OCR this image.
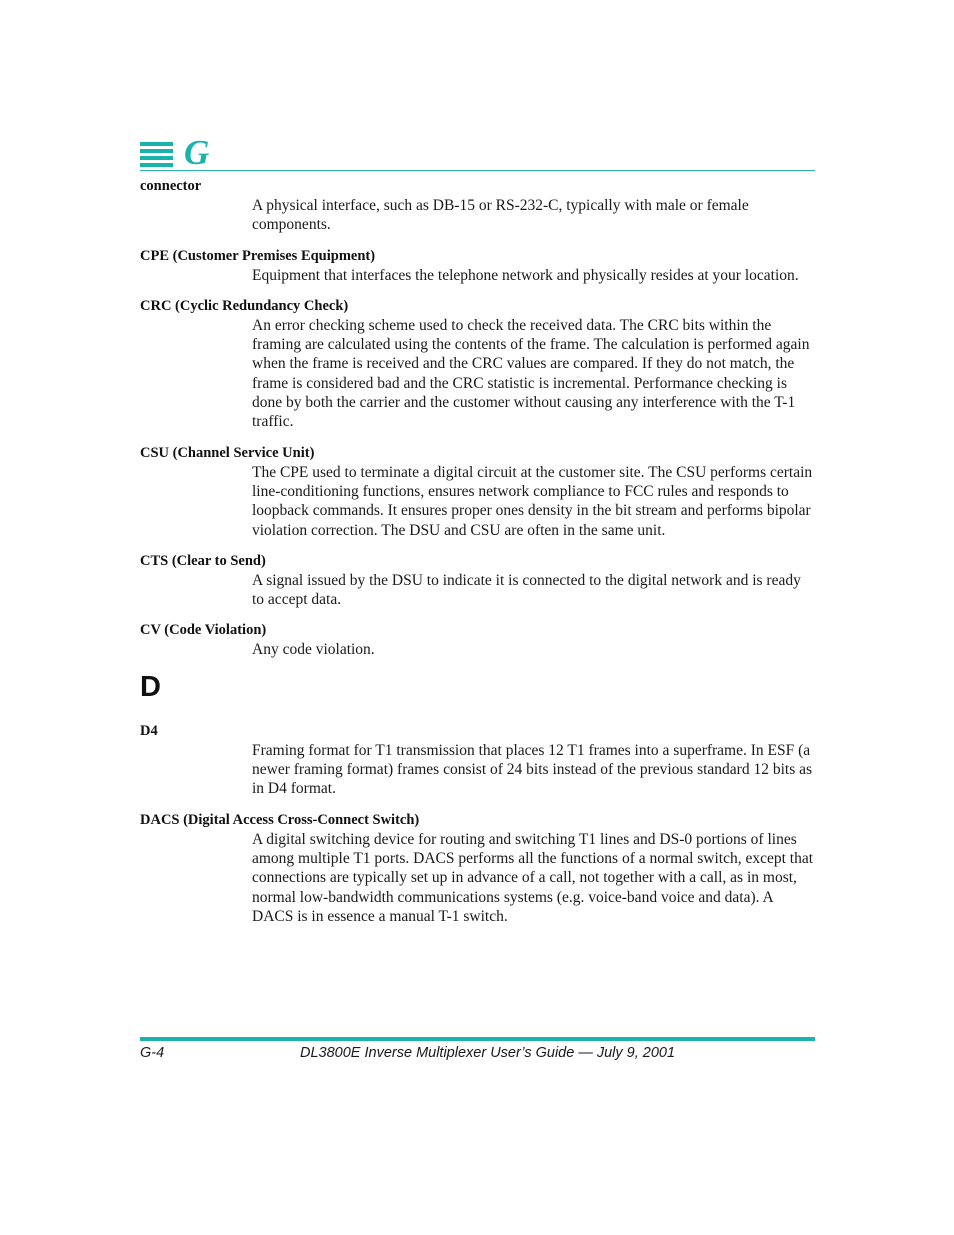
G
connector
A physical interface, such as DB-15 or RS-232-C, typically with male or female components.
CPE (Customer Premises Equipment)
Equipment that interfaces the telephone network and physically resides at your location.
CRC (Cyclic Redundancy Check)
An error checking scheme used to check the received data. The CRC bits within the framing are calculated using the contents of the frame. The calculation is performed again when the frame is received and the CRC values are compared. If they do not match, the frame is considered bad and the CRC statistic is incremental. Performance checking is done by both the carrier and the customer without causing any interference with the T-1 traffic.
CSU (Channel Service Unit)
The CPE used to terminate a digital circuit at the customer site. The CSU performs certain line-conditioning functions, ensures network compliance to FCC rules and responds to loopback commands. It ensures proper ones density in the bit stream and performs bipolar violation correction. The DSU and CSU are often in the same unit.
CTS (Clear to Send)
A signal issued by the DSU to indicate it is connected to the digital network and is ready to accept data.
CV (Code Violation)
Any code violation.
D
D4
Framing format for T1 transmission that places 12 T1 frames into a superframe. In ESF (a newer framing format) frames consist of 24 bits instead of the previous standard 12 bits as in D4 format.
DACS (Digital Access Cross-Connect Switch)
A digital switching device for routing and switching T1 lines and DS-0 portions of lines among multiple T1 ports. DACS performs all the functions of a normal switch, except that connections are typically set up in advance of a call, not together with a call, as in most, normal low-bandwidth communications systems (e.g. voice-band voice and data). A DACS is in essence a manual T-1 switch.
G-4	DL3800E Inverse Multiplexer User’s Guide — July 9, 2001
